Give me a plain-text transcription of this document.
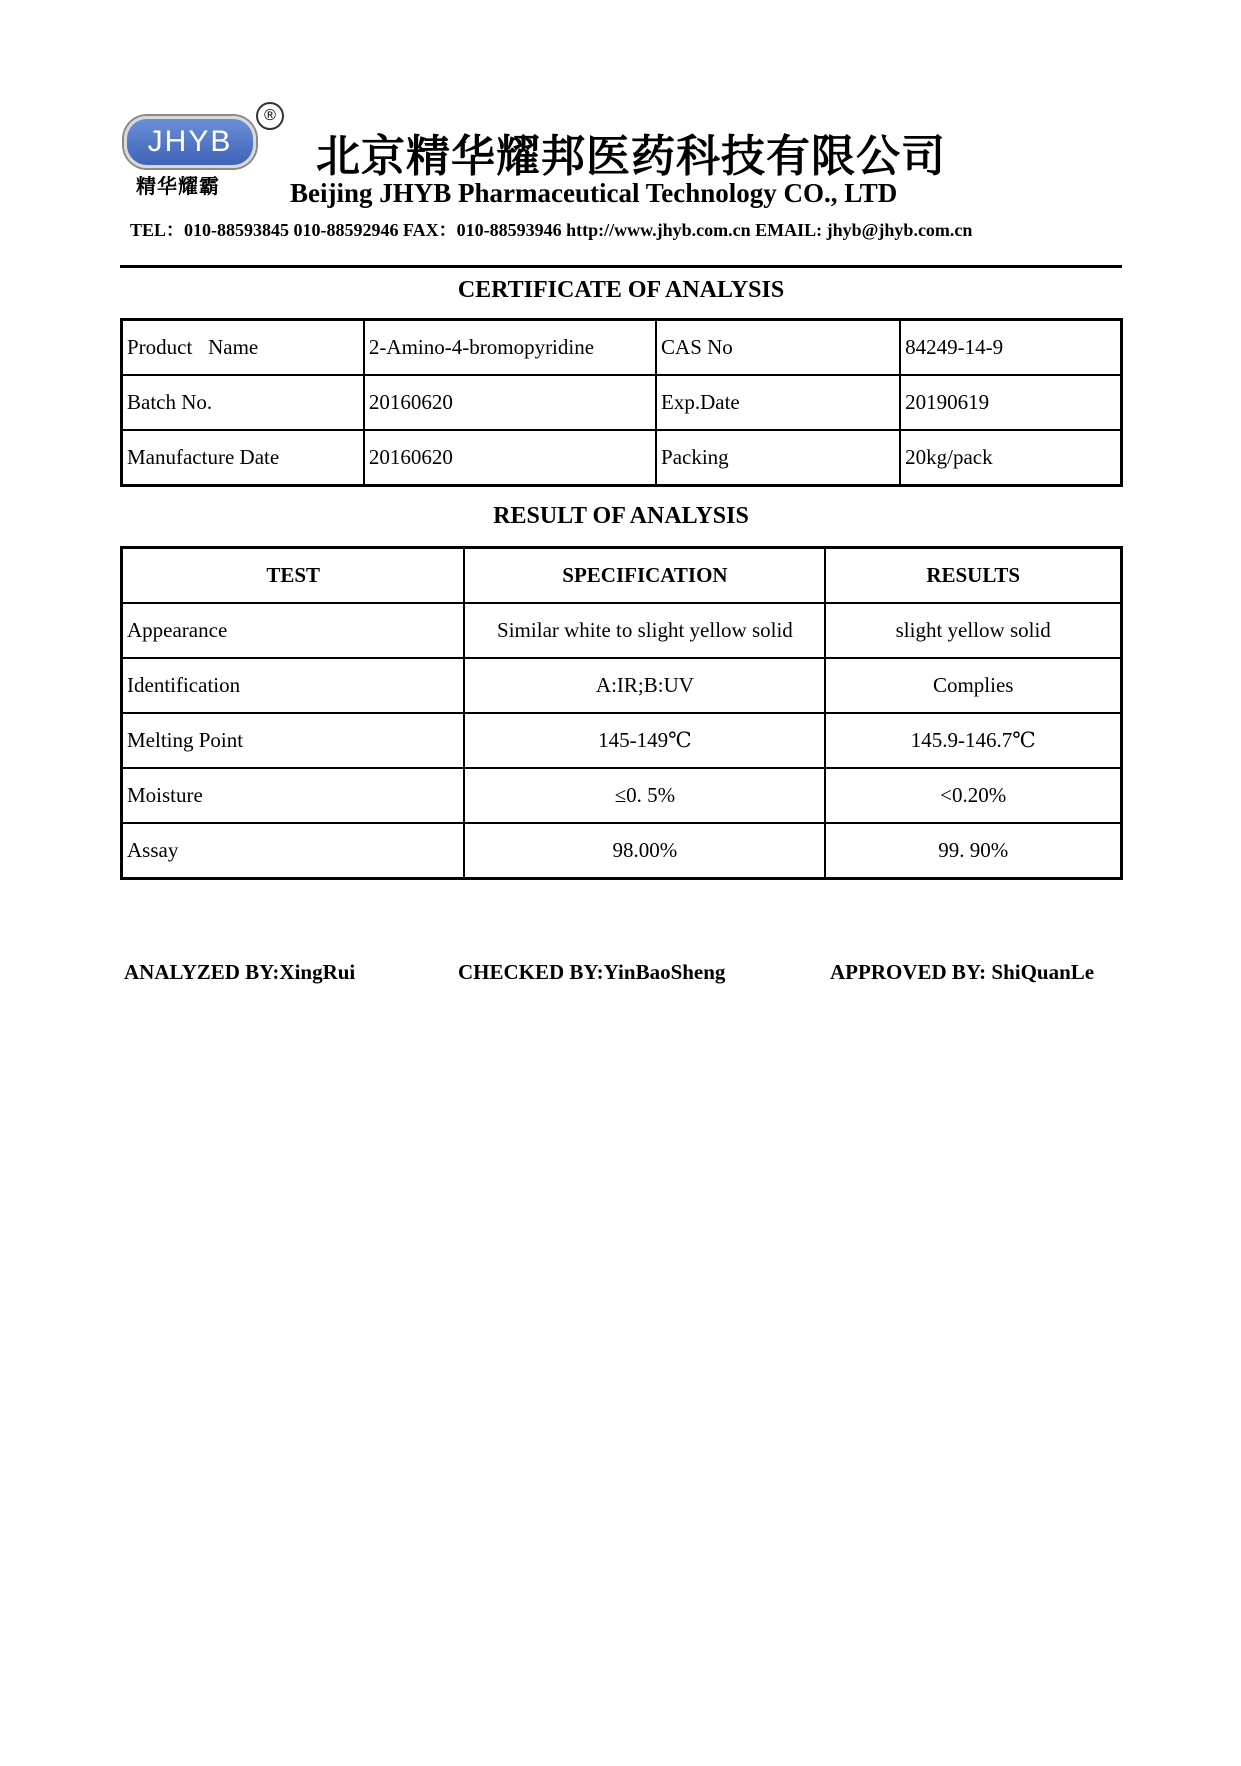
JHYB
®
精华耀霸
北京精华耀邦医药科技有限公司
Beijing JHYB Pharmaceutical Technology CO., LTD
TEL：010-88593845 010-88592946 FAX：010-88593946 http://www.jhyb.com.cn EMAIL: jhyb@jhyb.com.cn
CERTIFICATE OF ANALYSIS
Product   Name	2-Amino-4-bromopyridine	CAS No	84249-14-9
Batch No.	20160620	Exp.Date	20190619
Manufacture Date	20160620	Packing	20kg/pack
RESULT OF ANALYSIS
TEST	SPECIFICATION	RESULTS
Appearance	Similar white to slight yellow solid	slight yellow solid
Identification	A:IR;B:UV	Complies
Melting Point	145-149℃	145.9-146.7℃
Moisture	≤0. 5%	<0.20%
Assay	98.00%	99. 90%
ANALYZED BY:XingRui	CHECKED BY:YinBaoSheng	APPROVED BY: ShiQuanLe
